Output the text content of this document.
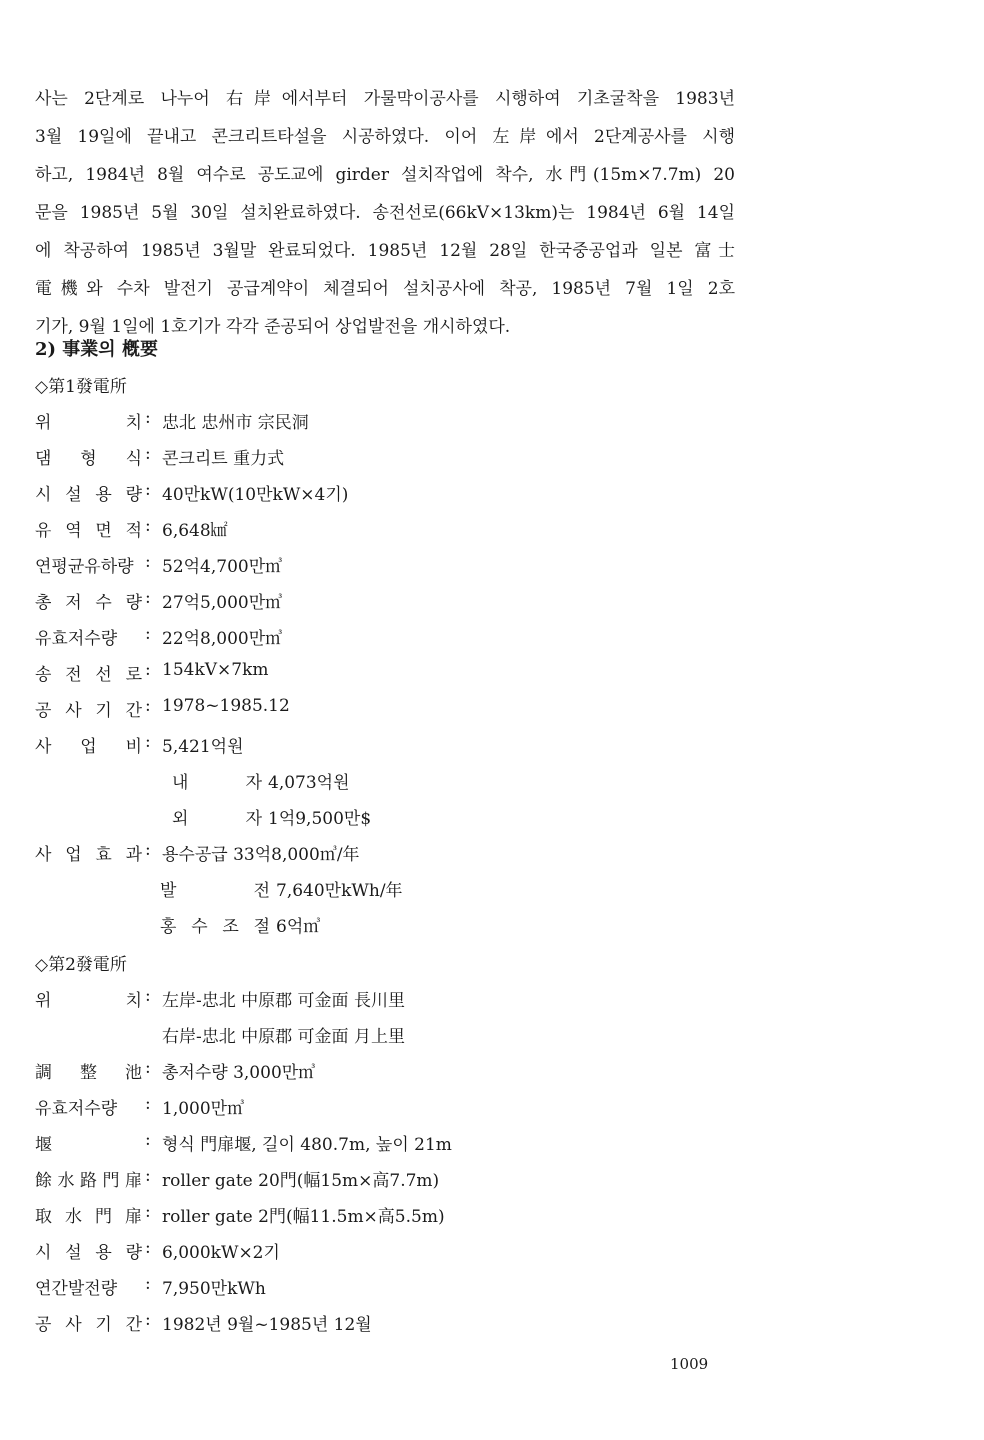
사는 2단계로 나누어 右岸에서부터 가물막이공사를 시행하여 기초굴착을 1983년
3월 19일에 끝내고 콘크리트타설을 시공하였다. 이어 左岸에서 2단계공사를 시행
하고, 1984년 8월 여수로 공도교에 girder 설치작업에 착수, 水門(15m×7.7m) 20
문을 1985년 5월 30일 설치완료하였다. 송전선로(66kV×13km)는 1984년 6월 14일
에 착공하여 1985년 3월말 완료되었다. 1985년 12월 28일 한국중공업과 일본 富士
電機와 수차 발전기 공급계약이 체결되어 설치공사에 착공, 1985년 7월 1일 2호
기가, 9월 1일에 1호기가 각각 준공되어 상업발전을 개시하였다.
2) 事業의 槪要
◇第1發電所
위 치 : 忠北 忠州市 宗民洞
댐 형 식 : 콘크리트 重力式
시 설 용 량 : 40만kW(10만kW×4기)
유 역 면 적 : 6,648㎢
연평균유하량 : 52억4,700만㎥
총 저 수 량 : 27억5,000만㎥
유효저수량	: 22억8,000만㎥
송 전 선 로 : 154kV×7km
공 사 기 간 : 1978~1985.12
사 업 비 : 5,421억원
내 자 4,073억원
외 자 1억9,500만$
사 업 효 과 : 용수공급 33억8,000㎥/年
발 전 7,640만kWh/年
홍 수 조 절 6억㎥
◇第2發電所
위 치 : 左岸-忠北 中原郡 可金面 長川里
右岸-忠北 中原郡 可金面 月上里
調 整 池 : 총저수량 3,000만㎥
유효저수량	: 1,000만㎥
堰	: 형식 門扉堰, 길이 480.7m, 높이 21m
餘水路門扉 : roller gate 20門(幅15m×高7.7m)
取 水 門 扉 : roller gate 2門(幅11.5m×高5.5m)
시 설 용 량 : 6,000kW×2기
연간발전량	: 7,950만kWh
공 사 기 간 : 1982년 9월~1985년 12월
1009
